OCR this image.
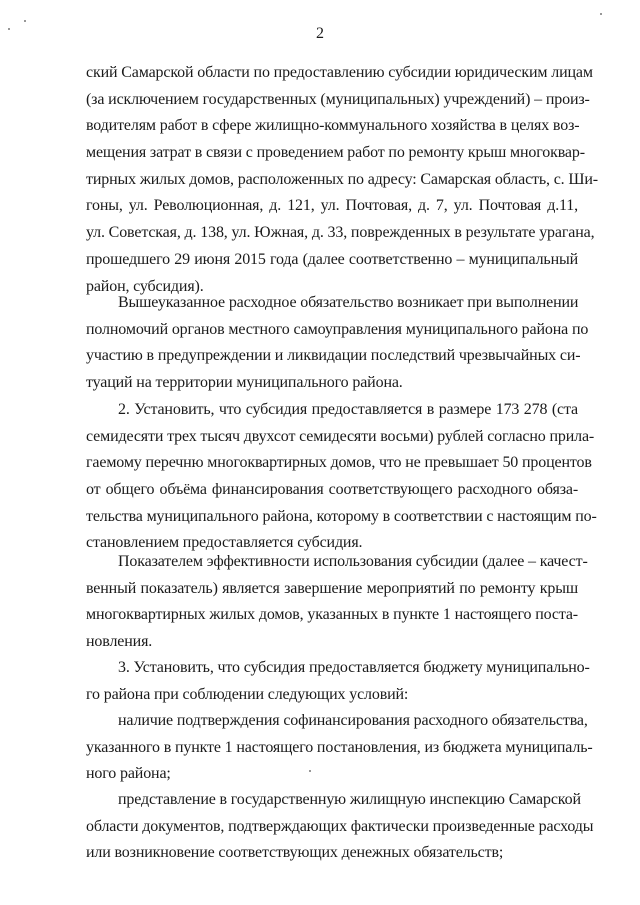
2
ский Самарской области по предоставлению субсидии юридическим лицам
(за исключением государственных (муниципальных) учреждений) – произ-
водителям работ в сфере жилищно-коммунального хозяйства в целях воз-
мещения затрат в связи с проведением работ по ремонту крыш многоквар-
тирных жилых домов, расположенных по адресу: Самарская область, с. Ши-
гоны, ул. Революционная, д. 121, ул. Почтовая, д. 7, ул. Почтовая д.11,
ул. Советская, д. 138, ул. Южная, д. 33, поврежденных в результате урагана,
прошедшего 29 июня 2015 года (далее соответственно – муниципальный
район, субсидия).
Вышеуказанное расходное обязательство возникает при выполнении
полномочий органов местного самоуправления муниципального района по
участию в предупреждении и ликвидации последствий чрезвычайных си-
туаций на территории муниципального района.
2. Установить, что субсидия предоставляется в размере 173 278 (ста
семидесяти трех тысяч двухсот семидесяти восьми) рублей согласно прила-
гаемому перечню многоквартирных домов, что не превышает 50 процентов
от общего объёма финансирования соответствующего расходного обяза-
тельства муниципального района, которому в соответствии с настоящим по-
становлением предоставляется субсидия.
Показателем эффективности использования субсидии (далее – качест-
венный показатель) является завершение мероприятий по ремонту крыш
многоквартирных жилых домов, указанных в пункте 1 настоящего поста-
новления.
3. Установить, что субсидия предоставляется бюджету муниципально-
го района при соблюдении следующих условий:
наличие подтверждения софинансирования расходного обязательства,
указанного в пункте 1 настоящего постановления, из бюджета муниципаль-
ного района;
представление в государственную жилищную инспекцию Самарской
области документов, подтверждающих фактически произведенные расходы
или возникновение соответствующих денежных обязательств;
